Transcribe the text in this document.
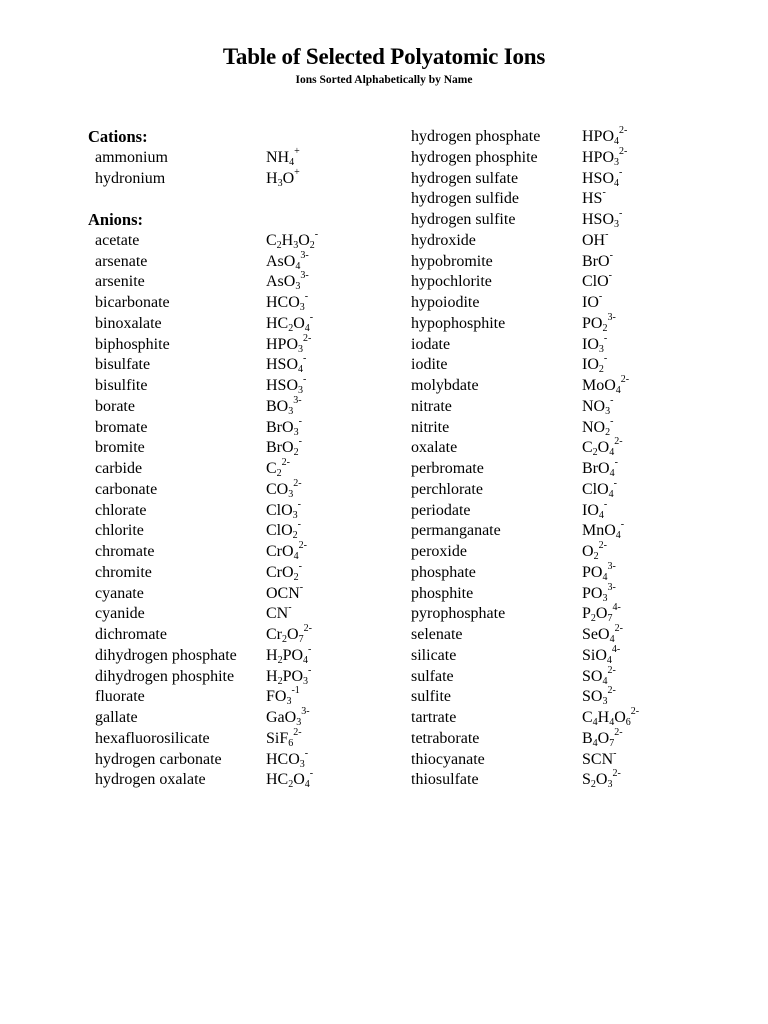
Table of Selected Polyatomic Ions
Ions Sorted Alphabetically by Name
Cations:
ammonium	$NH_4^+$
hydronium	$H_3O^+$
Anions:
acetate	$C_2H_3O_2^-$
arsenate	AsO$_4^{3-}$
arsenite	AsO$_3^{3-}$
bicarbonate	$HCO_3^-$
binoxalate	$HC_2O_4^-$
biphosphite	$HPO_3^{2-}$
bisulfate	$HSO_4^-$
bisulfite	$HSO_3^-$
borate	$BO_3^{3-}$
bromate	BrO$_3$-
bromite	BrO$_2$-
carbide	$C_2^{2-}$
carbonate	$CO_3^{2-}$
chlorate	ClO$_3$-
chlorite	ClO$_2$-
chromate	CrO$_4^{2-}$
chromite	CrO$_2$-
cyanate	OCN-
cyanide	CN-
dichromate	$Cr_2O_7^{2-}$
dihydrogen phosphate $H_2PO_4^-$
dihydrogen phosphite $H_2PO_3^-$
fluorate	$FO_3^{-1}$
gallate	GaO$_3^{3-}$
hexafluorosilicate	SiF$_6^{2-}$
hydrogen carbonate	$HCO_3^-$
hydrogen oxalate	$HC_2O_4^-$
hydrogen phosphate	$HPO_4^{2-}$
hydrogen phosphite	$HPO_3^{2-}$
hydrogen sulfate	$HSO_4^-$
hydrogen sulfide	HS-
hydrogen sulfite	$HSO_3^-$
hydroxide	OH-
hypobromite	BrO-
hypochlorite	ClO-
hypoiodite	IO-
hypophosphite	$PO_2^{3-}$
iodate	$IO_3^-$
iodite	$IO_2^-$
molybdate	MoO$_4^{2-}$
nitrate	$NO_3^-$
nitrite	$NO_2^-$
oxalate	$C_2O_4^{2-}$
perbromate	BrO$_4$-
perchlorate	ClO$_4$-
periodate	$IO_4^-$
permanganate	MnO$_4$-
peroxide	$O_2^{2-}$
phosphate	$PO_4^{3-}$
phosphite	$PO_3^{3-}$
pyrophosphate	$P_2O_7^{4-}$
selenate	SeO$_4^{2-}$
silicate	SiO$_4^{4-}$
sulfate	$SO_4^{2-}$
sulfite	$SO_3^{2-}$
tartrate	$C_4H_4O_6^{2-}$
tetraborate	$B_4O_7^{2-}$
thiocyanate	SCN-
thiosulfate	$S_2O_3^{2-}$
